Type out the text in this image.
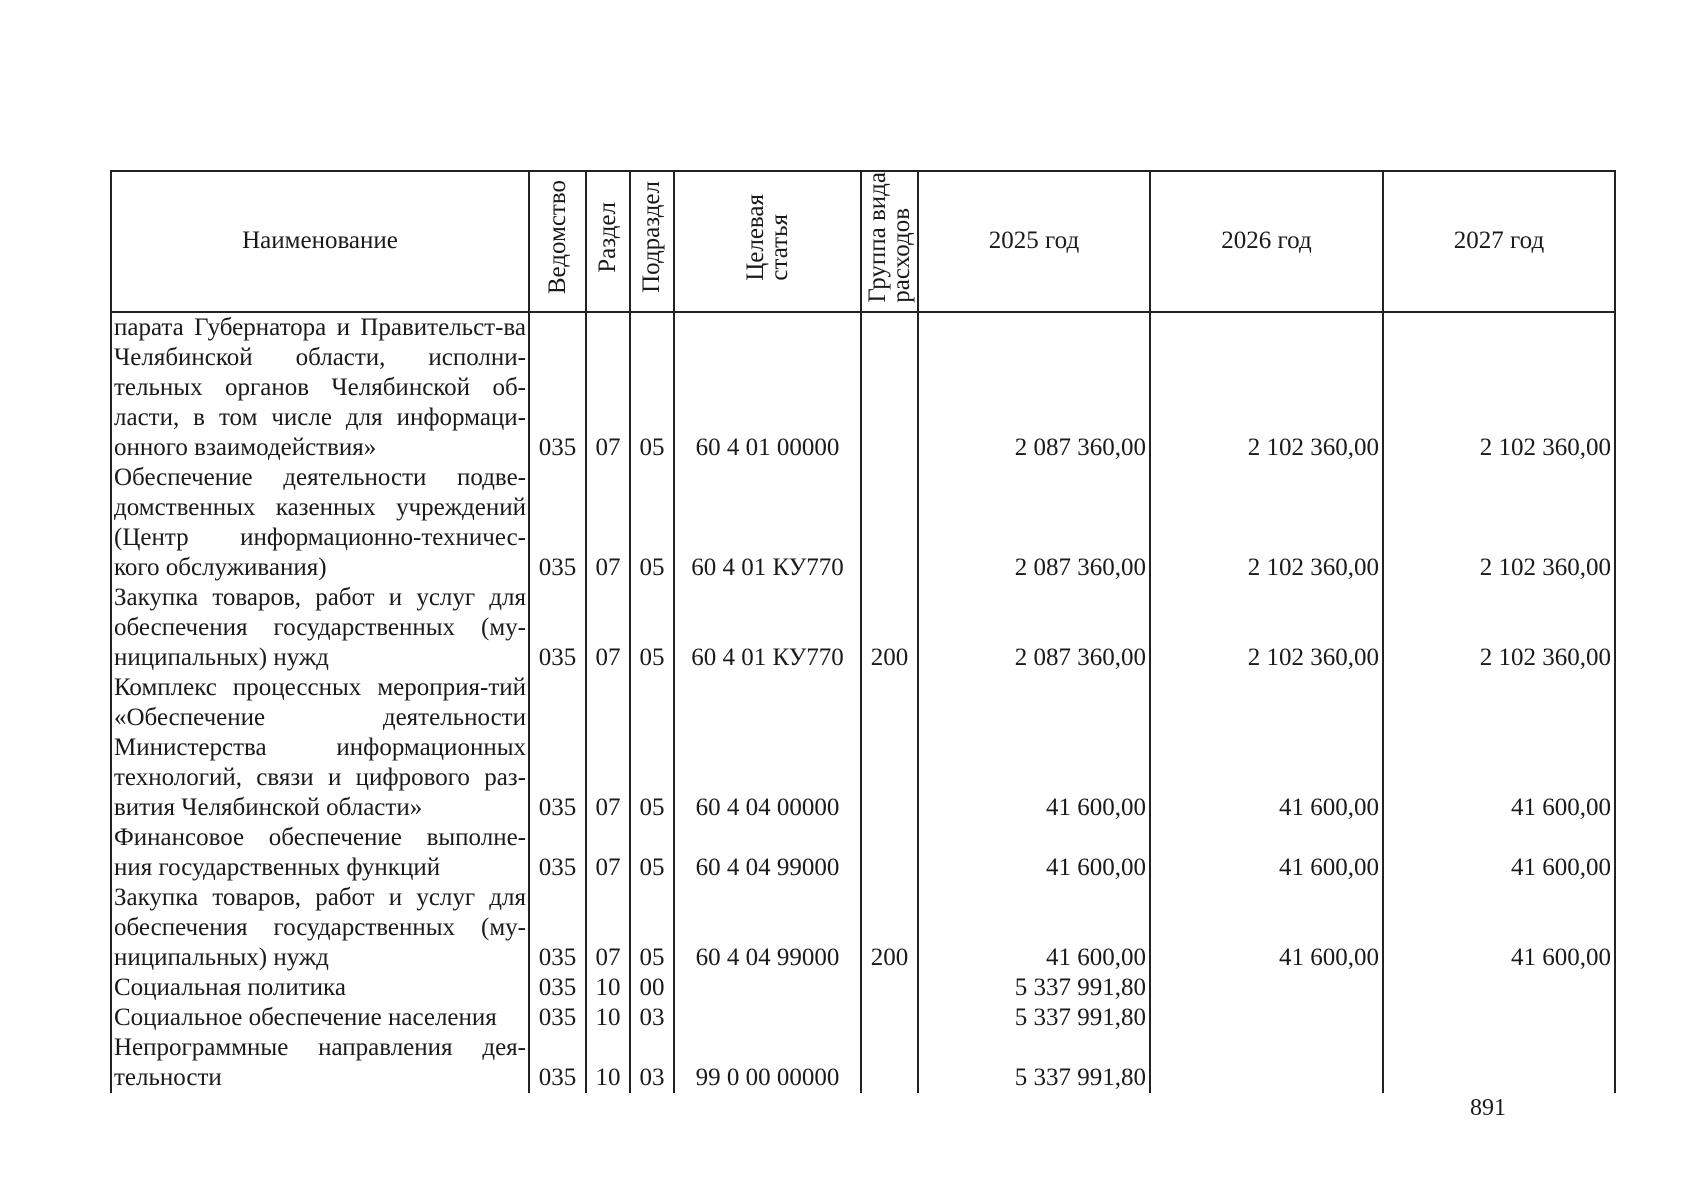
Наименование	Ведомство	Раздел	Подраздел	Целеваястатья	Группа видарасходов	2025 год	2026 год	2027 год
парата Губернатора и Правительст-ва Челябинской области, исполни-тельных органов Челябинской об-ласти, в том числе для информаци-онного взаимодействия»	035	07	05	60 4 01 00000		2 087 360,00	2 102 360,00	2 102 360,00
Обеспечение деятельности подве-домственных казенных учреждений (Центр информационно-техничес-кого обслуживания)	035	07	05	60 4 01 КУ770		2 087 360,00	2 102 360,00	2 102 360,00
Закупка товаров, работ и услуг для обеспечения государственных (му-ниципальных) нужд	035	07	05	60 4 01 КУ770	200	2 087 360,00	2 102 360,00	2 102 360,00
Комплекс процессных мероприя-тий «Обеспечение деятельности Министерства информационных технологий, связи и цифрового раз-вития Челябинской области»	035	07	05	60 4 04 00000		41 600,00	41 600,00	41 600,00
Финансовое обеспечение выполне-ния государственных функций	035	07	05	60 4 04 99000		41 600,00	41 600,00	41 600,00
Закупка товаров, работ и услуг для обеспечения государственных (му-ниципальных) нужд	035	07	05	60 4 04 99000	200	41 600,00	41 600,00	41 600,00
Социальная политика	035	10	00			5 337 991,80		
Социальное обеспечение населения	035	10	03			5 337 991,80		
Непрограммные направления дея-тельности	035	10	03	99 0 00 00000		5 337 991,80		
891
